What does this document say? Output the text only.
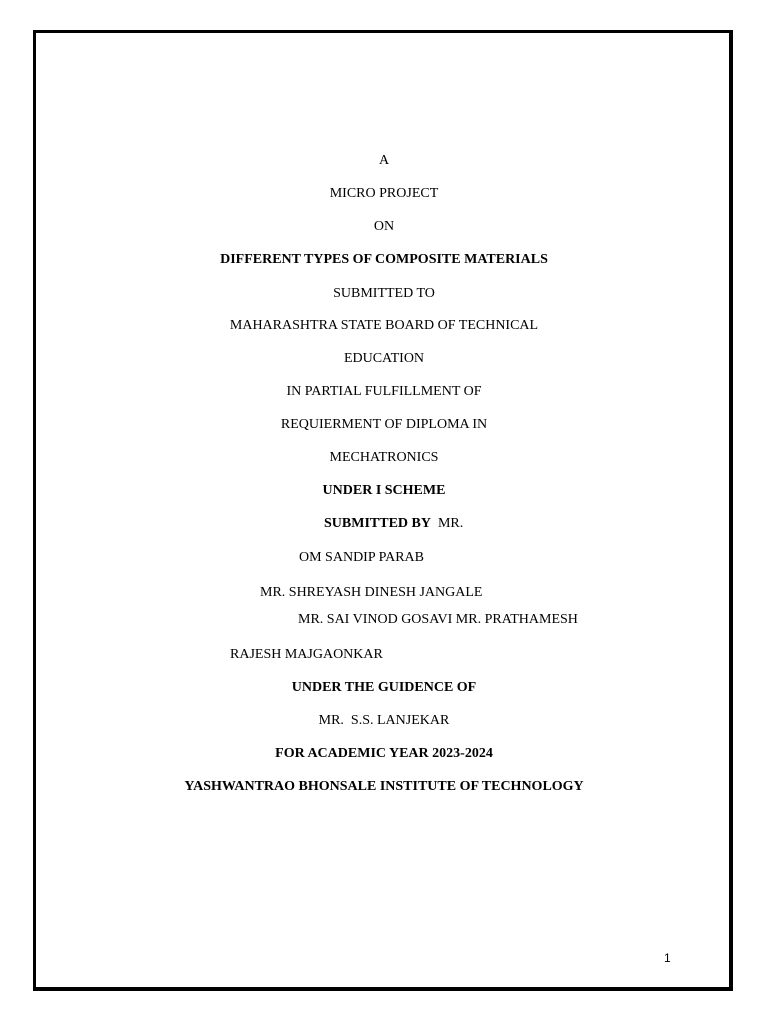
A
MICRO PROJECT
ON
DIFFERENT TYPES OF COMPOSITE MATERIALS
SUBMITTED TO
MAHARASHTRA STATE BOARD OF TECHNICAL
EDUCATION
IN PARTIAL FULFILLMENT OF
REQUIERMENT OF DIPLOMA IN
MECHATRONICS
UNDER I SCHEME
SUBMITTED BY MR.
OM SANDIP PARAB
MR. SHREYASH DINESH JANGALE
MR. SAI VINOD GOSAVI MR. PRATHAMESH
RAJESH MAJGAONKAR
UNDER THE GUIDENCE OF
MR.  S.S. LANJEKAR
FOR ACADEMIC YEAR 2023-2024
YASHWANTRAO BHONSALE INSTITUTE OF TECHNOLOGY
1
